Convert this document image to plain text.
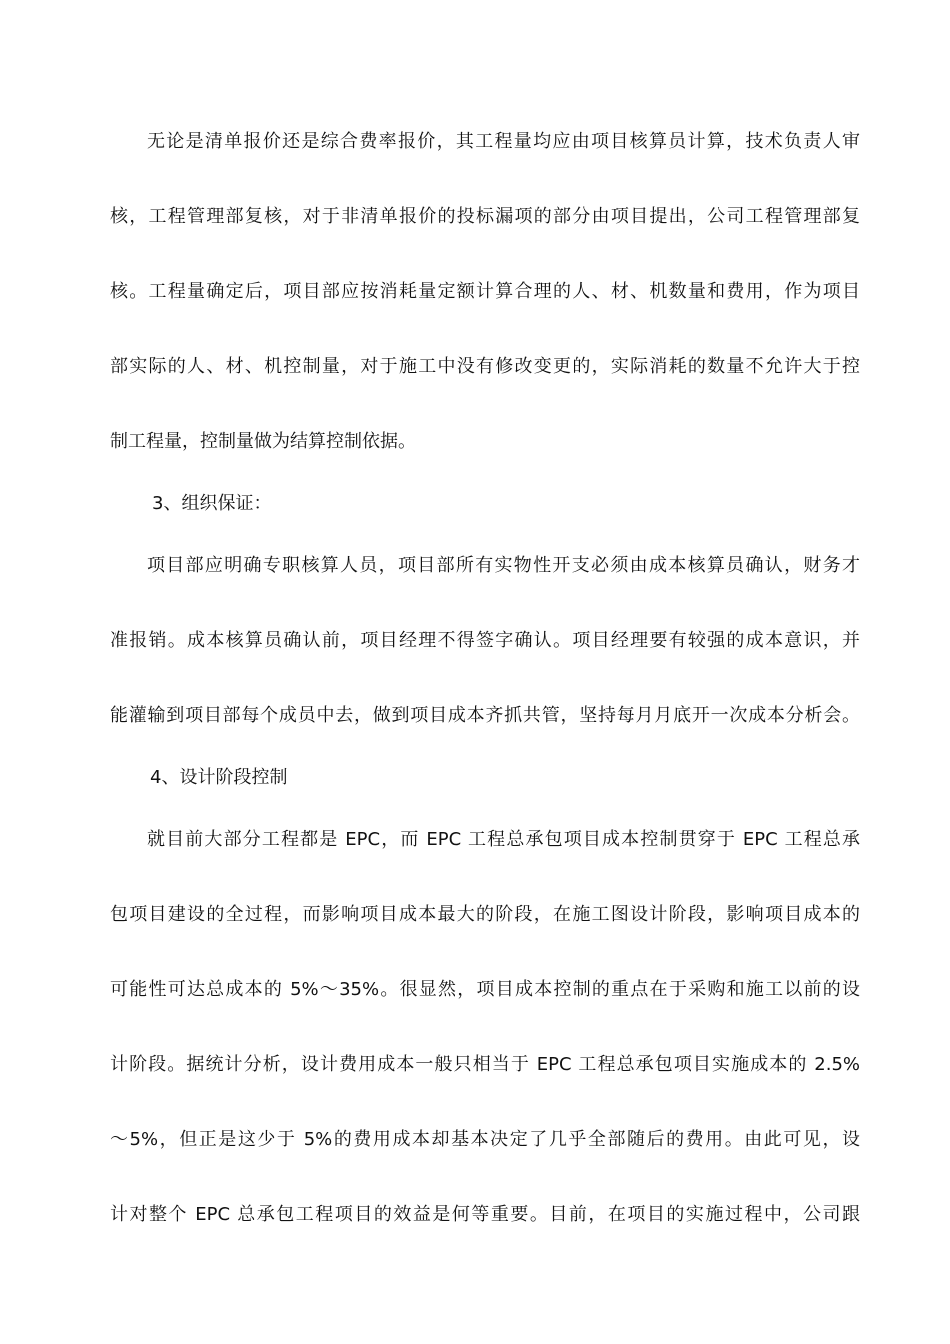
无论是清单报价还是综合费率报价，其工程量均应由项目核算员计算，技术负责人审
核，工程管理部复核，对于非清单报价的投标漏项的部分由项目提出，公司工程管理部复
核。工程量确定后，项目部应按消耗量定额计算合理的人、材、机数量和费用，作为项目
部实际的人、材、机控制量，对于施工中没有修改变更的，实际消耗的数量不允许大于控
制工程量，控制量做为结算控制依据。
3、组织保证：
项目部应明确专职核算人员，项目部所有实物性开支必须由成本核算员确认，财务才
准报销。成本核算员确认前，项目经理不得签字确认。项目经理要有较强的成本意识，并
能灌输到项目部每个成员中去，做到项目成本齐抓共管，坚持每月月底开一次成本分析会。
4、设计阶段控制
就目前大部分工程都是 EPC，而 EPC 工程总承包项目成本控制贯穿于 EPC 工程总承
包项目建设的全过程，而影响项目成本最大的阶段，在施工图设计阶段，影响项目成本的
可能性可达总成本的 5%～35%。很显然，项目成本控制的重点在于采购和施工以前的设
计阶段。据统计分析，设计费用成本一般只相当于 EPC 工程总承包项目实施成本的 2.5%
～5%，但正是这少于 5%的费用成本却基本决定了几乎全部随后的费用。由此可见，设
计对整个 EPC 总承包工程项目的效益是何等重要。目前，在项目的实施过程中，公司跟
